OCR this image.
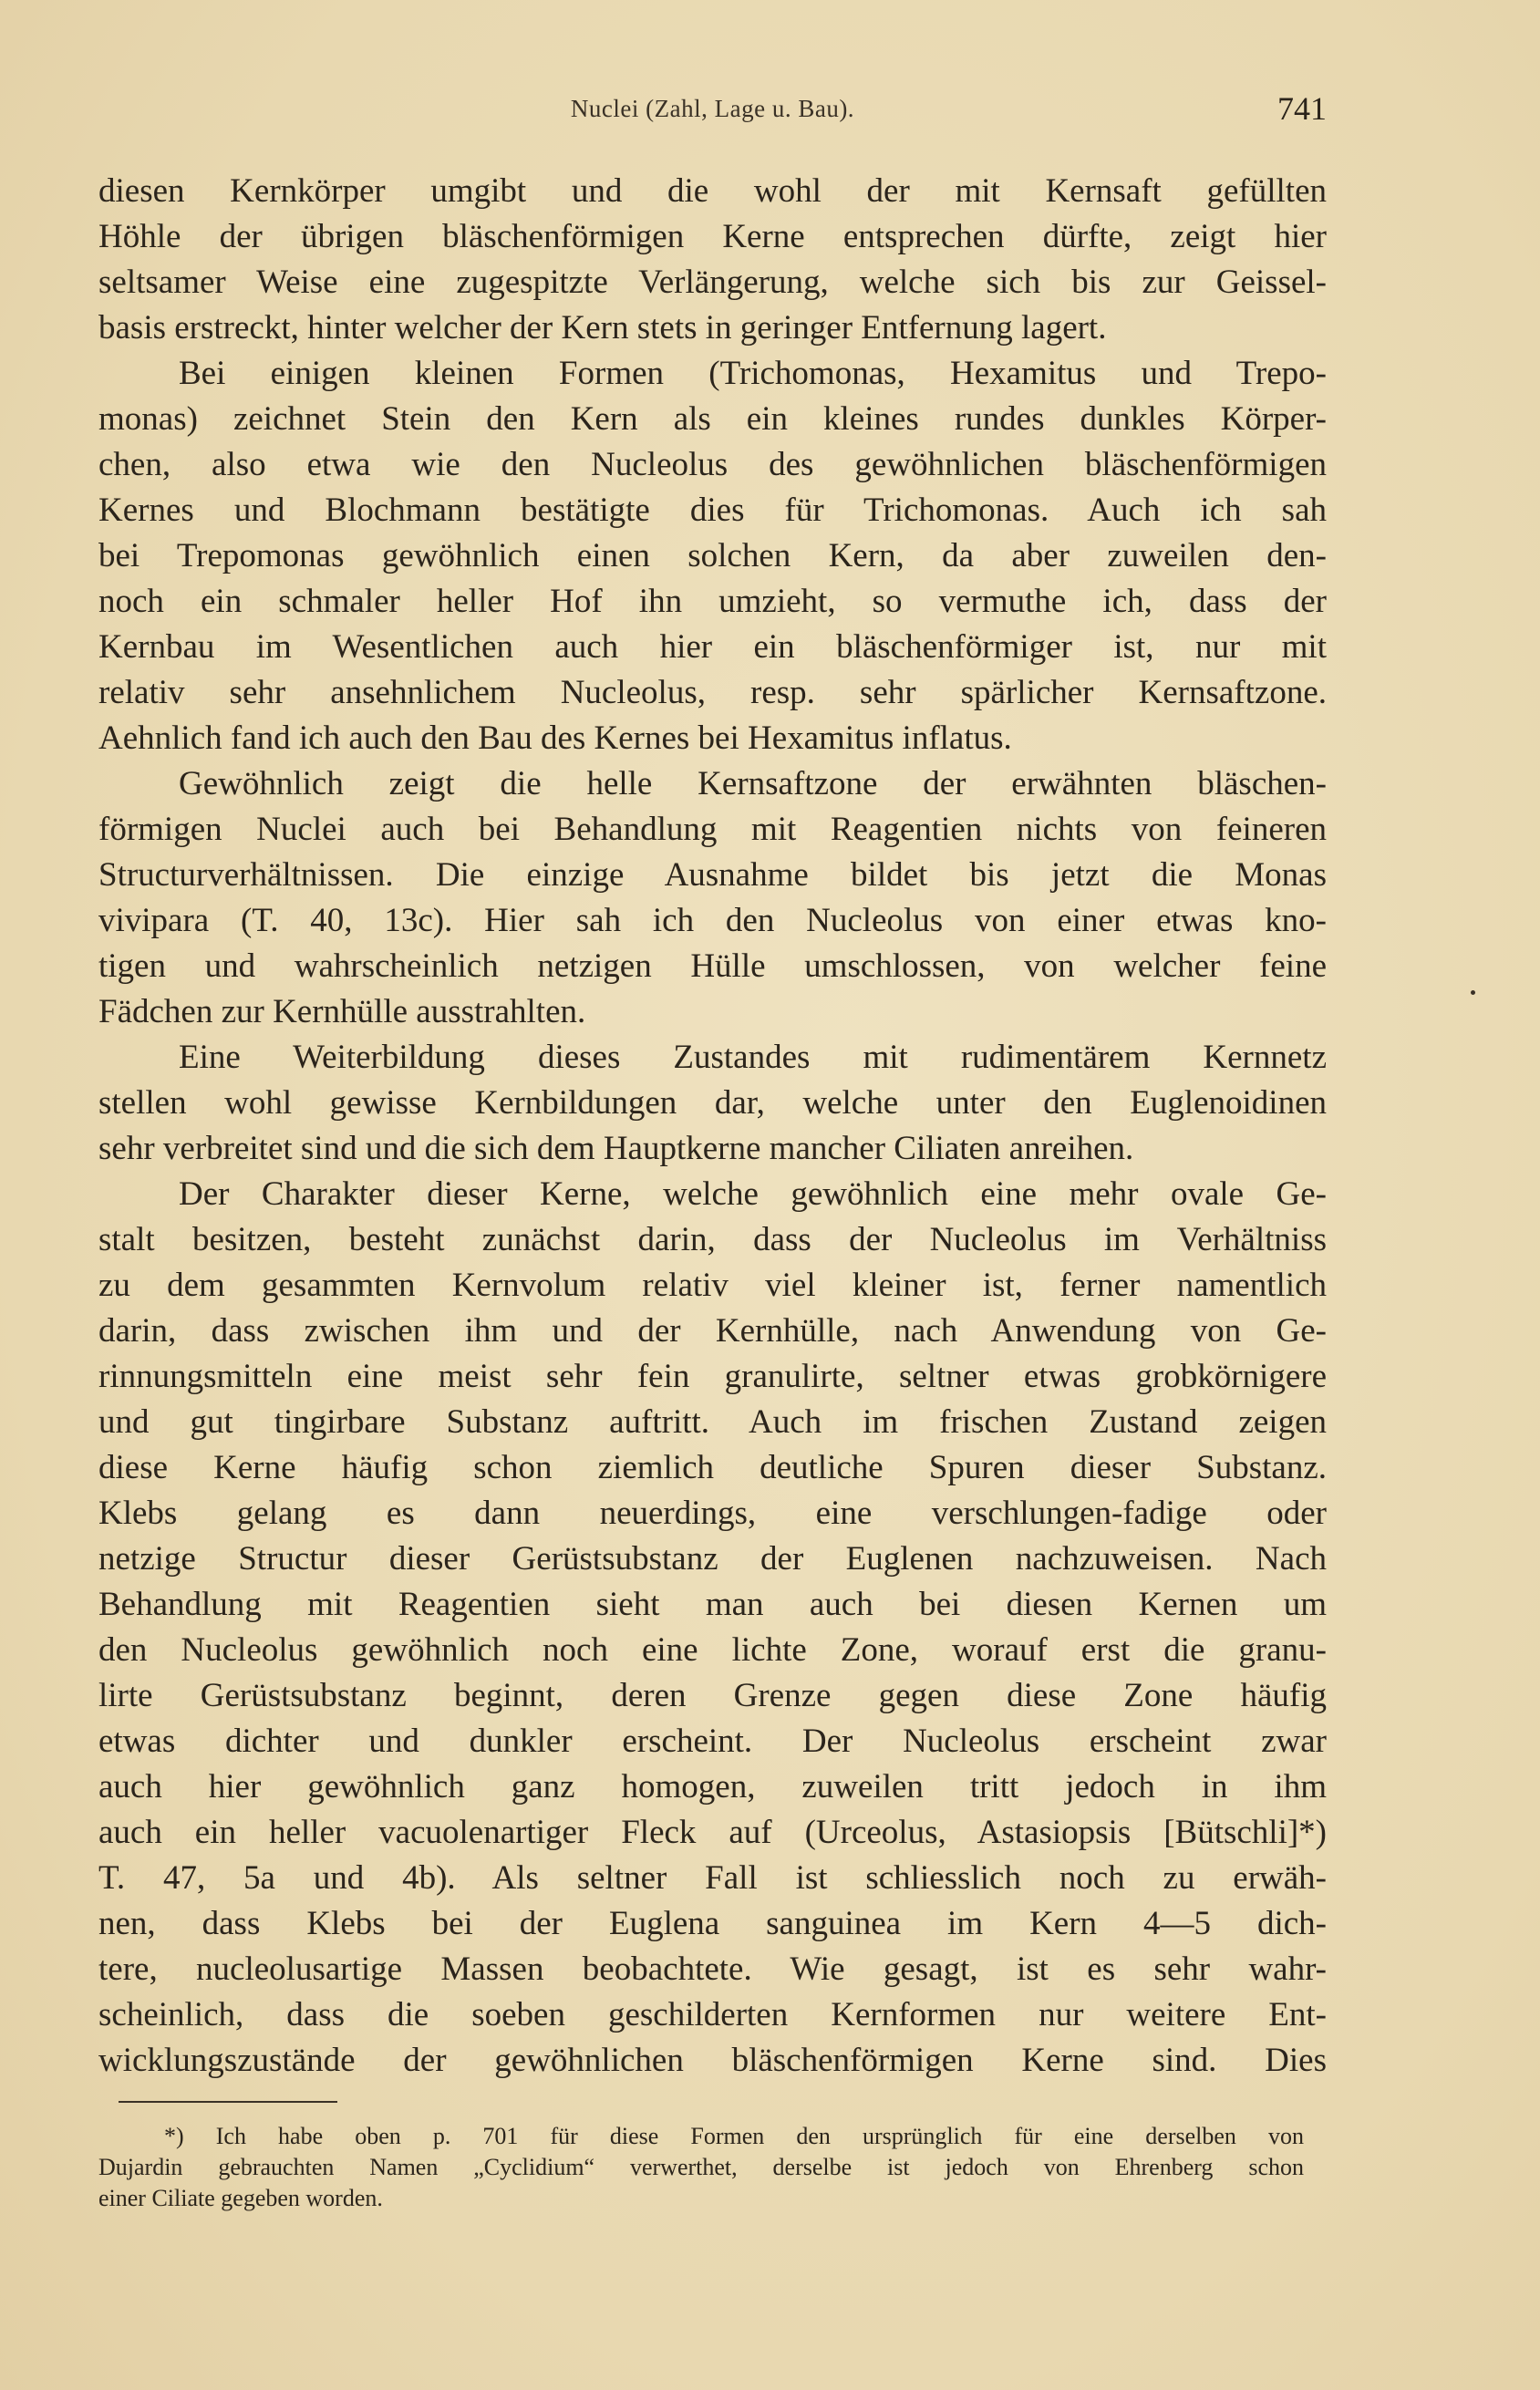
Nuclei (Zahl, Lage u. Bau).	741
diesen Kernkörper umgibt und die wohl der mit Kernsaft gefüllten
Höhle der übrigen bläschenförmigen Kerne entsprechen dürfte, zeigt hier
seltsamer Weise eine zugespitzte Verlängerung, welche sich bis zur Geissel-
basis erstreckt, hinter welcher der Kern stets in geringer Entfernung lagert.
Bei einigen kleinen Formen (Trichomonas, Hexamitus und Trepo-
monas) zeichnet Stein den Kern als ein kleines rundes dunkles Körper-
chen, also etwa wie den Nucleolus des gewöhnlichen bläschenförmigen
Kernes und Blochmann bestätigte dies für Trichomonas. Auch ich sah
bei Trepomonas gewöhnlich einen solchen Kern, da aber zuweilen den-
noch ein schmaler heller Hof ihn umzieht, so vermuthe ich, dass der
Kernbau im Wesentlichen auch hier ein bläschenförmiger ist, nur mit
relativ sehr ansehnlichem Nucleolus, resp. sehr spärlicher Kernsaftzone.
Aehnlich fand ich auch den Bau des Kernes bei Hexamitus inflatus.
Gewöhnlich zeigt die helle Kernsaftzone der erwähnten bläschen-
förmigen Nuclei auch bei Behandlung mit Reagentien nichts von feineren
Structurverhältnissen. Die einzige Ausnahme bildet bis jetzt die Monas
vivipara (T. 40, 13c). Hier sah ich den Nucleolus von einer etwas kno-
tigen und wahrscheinlich netzigen Hülle umschlossen, von welcher feine
Fädchen zur Kernhülle ausstrahlten.
Eine Weiterbildung dieses Zustandes mit rudimentärem Kernnetz
stellen wohl gewisse Kernbildungen dar, welche unter den Euglenoidinen
sehr verbreitet sind und die sich dem Hauptkerne mancher Ciliaten anreihen.
Der Charakter dieser Kerne, welche gewöhnlich eine mehr ovale Ge-
stalt besitzen, besteht zunächst darin, dass der Nucleolus im Verhältniss
zu dem gesammten Kernvolum relativ viel kleiner ist, ferner namentlich
darin, dass zwischen ihm und der Kernhülle, nach Anwendung von Ge-
rinnungsmitteln eine meist sehr fein granulirte, seltner etwas grobkörnigere
und gut tingirbare Substanz auftritt. Auch im frischen Zustand zeigen
diese Kerne häufig schon ziemlich deutliche Spuren dieser Substanz.
Klebs gelang es dann neuerdings, eine verschlungen-fadige oder
netzige Structur dieser Gerüstsubstanz der Euglenen nachzuweisen. Nach
Behandlung mit Reagentien sieht man auch bei diesen Kernen um
den Nucleolus gewöhnlich noch eine lichte Zone, worauf erst die granu-
lirte Gerüstsubstanz beginnt, deren Grenze gegen diese Zone häufig
etwas dichter und dunkler erscheint. Der Nucleolus erscheint zwar
auch hier gewöhnlich ganz homogen, zuweilen tritt jedoch in ihm
auch ein heller vacuolenartiger Fleck auf (Urceolus, Astasiopsis [Bütschli]*)
T. 47, 5a und 4b). Als seltner Fall ist schliesslich noch zu erwäh-
nen, dass Klebs bei der Euglena sanguinea im Kern 4—5 dich-
tere, nucleolusartige Massen beobachtete. Wie gesagt, ist es sehr wahr-
scheinlich, dass die soeben geschilderten Kernformen nur weitere Ent-
wicklungszustände der gewöhnlichen bläschenförmigen Kerne sind. Dies
*) Ich habe oben p. 701 für diese Formen den ursprünglich für eine derselben von
Dujardin gebrauchten Namen „Cyclidium“ verwerthet, derselbe ist jedoch von Ehrenberg schon
einer Ciliate gegeben worden.
